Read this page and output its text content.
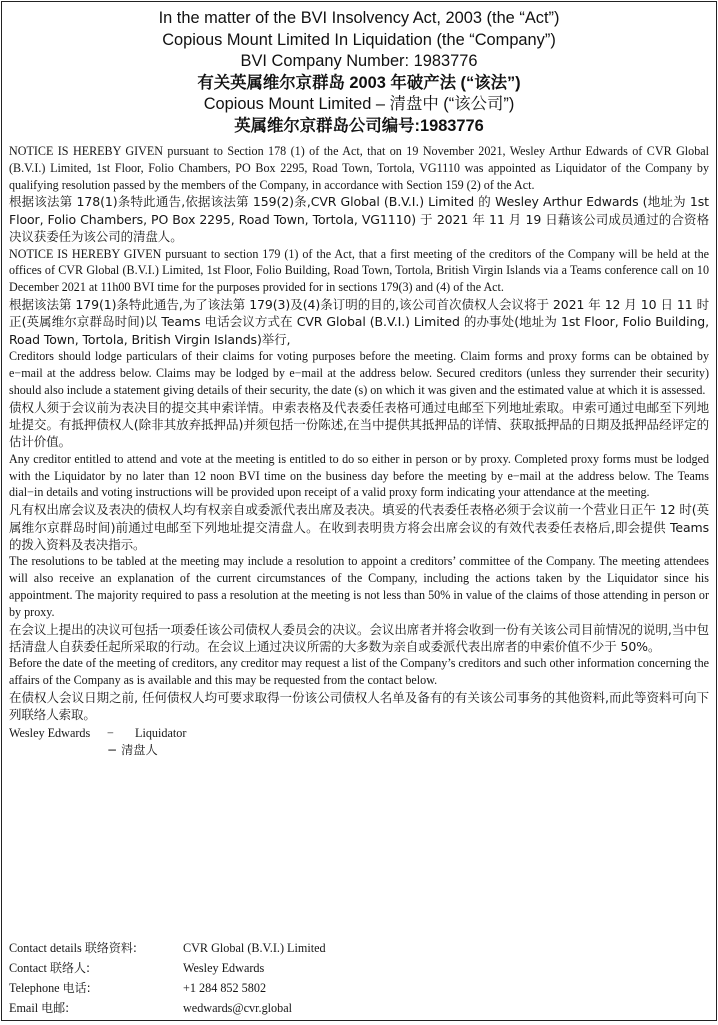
In the matter of the BVI Insolvency Act, 2003 (the “Act”)
Copious Mount Limited In Liquidation (the “Company”)
BVI Company Number: 1983776
有关英属维尔京群岛 2003 年破产法 (“该法”)
Copious Mount Limited – 清盘中 (“该公司”)
英属维尔京群岛公司编号:1983776

NOTICE IS HEREBY GIVEN pursuant to Section 178 (1) of the Act, that on 19 November 2021, Wesley Arthur Edwards of CVR Global (B.V.I.) Limited, 1st Floor, Folio Chambers, PO Box 2295, Road Town, Tortola, VG1110 was appointed as Liquidator of the Company by qualifying resolution passed by the members of the Company, in accordance with Section 159 (2) of the Act.

根据该法第 178(1)条特此通告,依据该法第 159(2)条,CVR Global (B.V.I.) Limited 的 Wesley Arthur Edwards (地址为 1st Floor, Folio Chambers, PO Box 2295, Road Town, Tortola, VG1110) 于 2021 年 11 月 19 日藉该公司成员通过的合资格决议获委任为该公司的清盘人。

NOTICE IS HEREBY GIVEN pursuant to section 179 (1) of the Act, that a first meeting of the creditors of the Company will be held at the offices of CVR Global (B.V.I.) Limited, 1st Floor, Folio Building, Road Town, Tortola, British Virgin Islands via a Teams conference call on 10 December 2021 at 11h00 BVI time for the purposes provided for in sections 179(3) and (4) of the Act.

根据该法第 179(1)条特此通告,为了该法第 179(3)及(4)条订明的目的,该公司首次债权人会议将于 2021 年 12 月 10 日 11 时正(英属维尔京群岛时间)以 Teams 电话会议方式在 CVR Global (B.V.I.) Limited 的办事处(地址为 1st Floor, Folio Building, Road Town, Tortola, British Virgin Islands)举行,

Creditors should lodge particulars of their claims for voting purposes before the meeting. Claim forms and proxy forms can be obtained by e−mail at the address below. Claims may be lodged by e−mail at the address below. Secured creditors (unless they surrender their security) should also include a statement giving details of their security, the date (s) on which it was given and the estimated value at which it is assessed.

债权人须于会议前为表决目的提交其申索详情。申索表格及代表委任表格可通过电邮至下列地址索取。申索可通过电邮至下列地址提交。有抵押债权人(除非其放弃抵押品)并须包括一份陈述,在当中提供其抵押品的详情、获取抵押品的日期及抵押品经评定的估计价值。

Any creditor entitled to attend and vote at the meeting is entitled to do so either in person or by proxy. Completed proxy forms must be lodged with the Liquidator by no later than 12 noon BVI time on the business day before the meeting by e−mail at the address below. The Teams dial−in details and voting instructions will be provided upon receipt of a valid proxy form indicating your attendance at the meeting.

凡有权出席会议及表决的债权人均有权亲自或委派代表出席及表决。填妥的代表委任表格必须于会议前一个营业日正午 12 时(英属维尔京群岛时间)前通过电邮至下列地址提交清盘人。在收到表明贵方将会出席会议的有效代表委任表格后,即会提供 Teams 的拨入资料及表决指示。

The resolutions to be tabled at the meeting may include a resolution to appoint a creditors’ committee of the Company. The meeting attendees will also receive an explanation of the current circumstances of the Company, including the actions taken by the Liquidator since his appointment. The majority required to pass a resolution at the meeting is not less than 50% in value of the claims of those attending in person or by proxy.

在会议上提出的决议可包括一项委任该公司债权人委员会的决议。会议出席者并将会收到一份有关该公司目前情况的说明,当中包括清盘人自获委任起所采取的行动。在会议上通过决议所需的大多数为亲自或委派代表出席者的申索价值不少于 50%。

Before the date of the meeting of creditors, any creditor may request a list of the Company’s creditors and such other information concerning the affairs of the Company as is available and this may be requested from the contact below.

在债权人会议日期之前, 任何债权人均可要求取得一份该公司债权人名单及备有的有关该公司事务的其他资料,而此等资料可向下列联络人索取。

Wesley Edwards	−	Liquidator
− 清盘人
Contact details 联络资料:	CVR Global (B.V.I.) Limited
Contact 联络人:	Wesley Edwards
Telephone 电话:	+1 284 852 5802
Email 电邮:	wedwards@cvr.global
